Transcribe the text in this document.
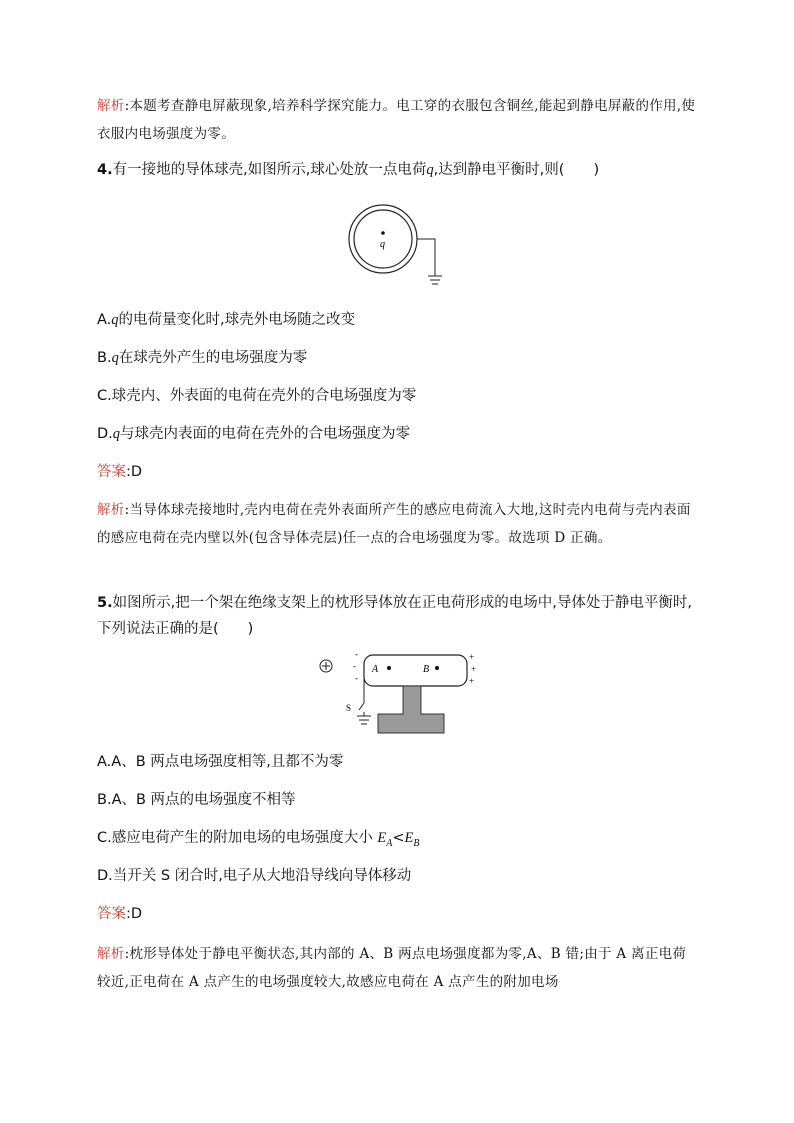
解析:本题考查静电屏蔽现象,培养科学探究能力。电工穿的衣服包含铜丝,能起到静电屏蔽的作用,使衣服内电场强度为零。
4.有一接地的导体球壳,如图所示,球心处放一点电荷q,达到静电平衡时,则(　　)
q
A.q的电荷量变化时,球壳外电场随之改变
B.q在球壳外产生的电场强度为零
C.球壳内、外表面的电荷在壳外的合电场强度为零
D.q与球壳内表面的电荷在壳外的合电场强度为零
答案:D
解析:当导体球壳接地时,壳内电荷在壳外表面所产生的感应电荷流入大地,这时壳内电荷与壳内表面的感应电荷在壳内壁以外(包含导体壳层)任一点的合电场强度为零。故选项 D 正确。
5.如图所示,把一个架在绝缘支架上的枕形导体放在正电荷形成的电场中,导体处于静电平衡时,下列说法正确的是(　　)
-
-
-
+
+
+
A	B
S
A.A、B 两点电场强度相等,且都不为零
B.A、B 两点的电场强度不相等
C.感应电荷产生的附加电场的电场强度大小 $E_A<E_B$
D.当开关 S 闭合时,电子从大地沿导线向导体移动
答案:D
解析:枕形导体处于静电平衡状态,其内部的 A、B 两点电场强度都为零,A、B 错;由于 A 离正电荷较近,正电荷在 A 点产生的电场强度较大,故感应电荷在 A 点产生的附加电场
